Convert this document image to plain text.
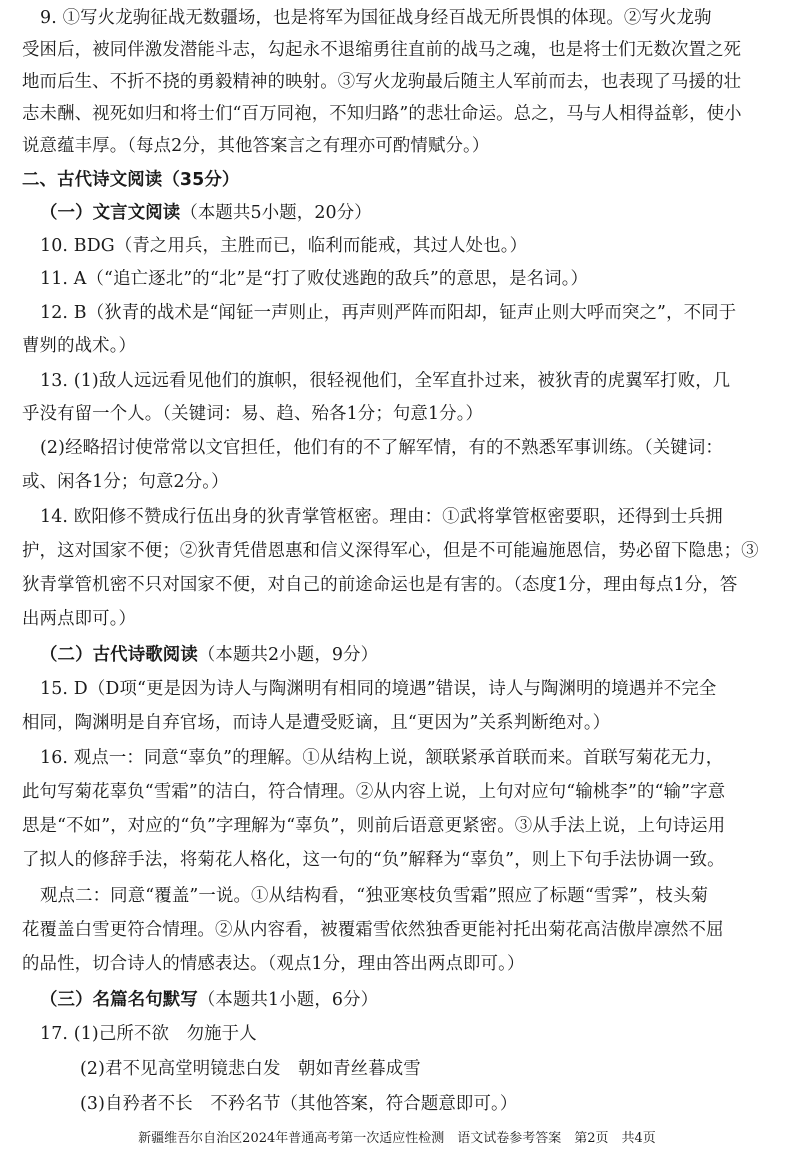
9. ①写火龙驹征战无数疆场，也是将军为国征战身经百战无所畏惧的体现。②写火龙驹
受困后，被同伴激发潜能斗志，勾起永不退缩勇往直前的战马之魂，也是将士们无数次置之死
地而后生、不折不挠的勇毅精神的映射。③写火龙驹最后随主人军前而去，也表现了马援的壮
志未酬、视死如归和将士们“百万同袍，不知归路”的悲壮命运。总之，马与人相得益彰，使小
说意蕴丰厚。（每点2分，其他答案言之有理亦可酌情赋分。）
二、古代诗文阅读（35分）
（一）文言文阅读（本题共5小题，20分）
10. BDG（青之用兵，主胜而已，临利而能戒，其过人处也。）
11. A（“追亡逐北”的“北”是“打了败仗逃跑的敌兵”的意思，是名词。）
12. B（狄青的战术是“闻钲一声则止，再声则严阵而阳却，钲声止则大呼而突之”，不同于
曹刿的战术。）
13. (1)敌人远远看见他们的旗帜，很轻视他们，全军直扑过来，被狄青的虎翼军打败，几
乎没有留一个人。（关键词：易、趋、殆各1分；句意1分。）
(2)经略招讨使常常以文官担任，他们有的不了解军情，有的不熟悉军事训练。（关键词：
或、闲各1分；句意2分。）
14. 欧阳修不赞成行伍出身的狄青掌管枢密。理由：①武将掌管枢密要职，还得到士兵拥
护，这对国家不便；②狄青凭借恩惠和信义深得军心，但是不可能遍施恩信，势必留下隐患；③
狄青掌管机密不只对国家不便，对自己的前途命运也是有害的。（态度1分，理由每点1分，答
出两点即可。）
（二）古代诗歌阅读（本题共2小题，9分）
15. D（D项“更是因为诗人与陶渊明有相同的境遇”错误，诗人与陶渊明的境遇并不完全
相同，陶渊明是自弃官场，而诗人是遭受贬谪，且“更因为”关系判断绝对。）
16. 观点一：同意“辜负”的理解。①从结构上说，颔联紧承首联而来。首联写菊花无力，
此句写菊花辜负“雪霜”的洁白，符合情理。②从内容上说，上句对应句“输桃李”的“输”字意
思是“不如”，对应的“负”字理解为“辜负”，则前后语意更紧密。③从手法上说，上句诗运用
了拟人的修辞手法，将菊花人格化，这一句的“负”解释为“辜负”，则上下句手法协调一致。
观点二：同意“覆盖”一说。①从结构看，“独亚寒枝负雪霜”照应了标题“雪霁”，枝头菊
花覆盖白雪更符合情理。②从内容看，被覆霜雪依然独香更能衬托出菊花高洁傲岸凛然不屈
的品性，切合诗人的情感表达。（观点1分，理由答出两点即可。）
（三）名篇名句默写（本题共1小题，6分）
17. (1)己所不欲　勿施于人
(2)君不见高堂明镜悲白发　朝如青丝暮成雪
(3)自矜者不长　不矜名节（其他答案，符合题意即可。）
新疆维吾尔自治区2024年普通高考第一次适应性检测　语文试卷参考答案　第2页　共4页
